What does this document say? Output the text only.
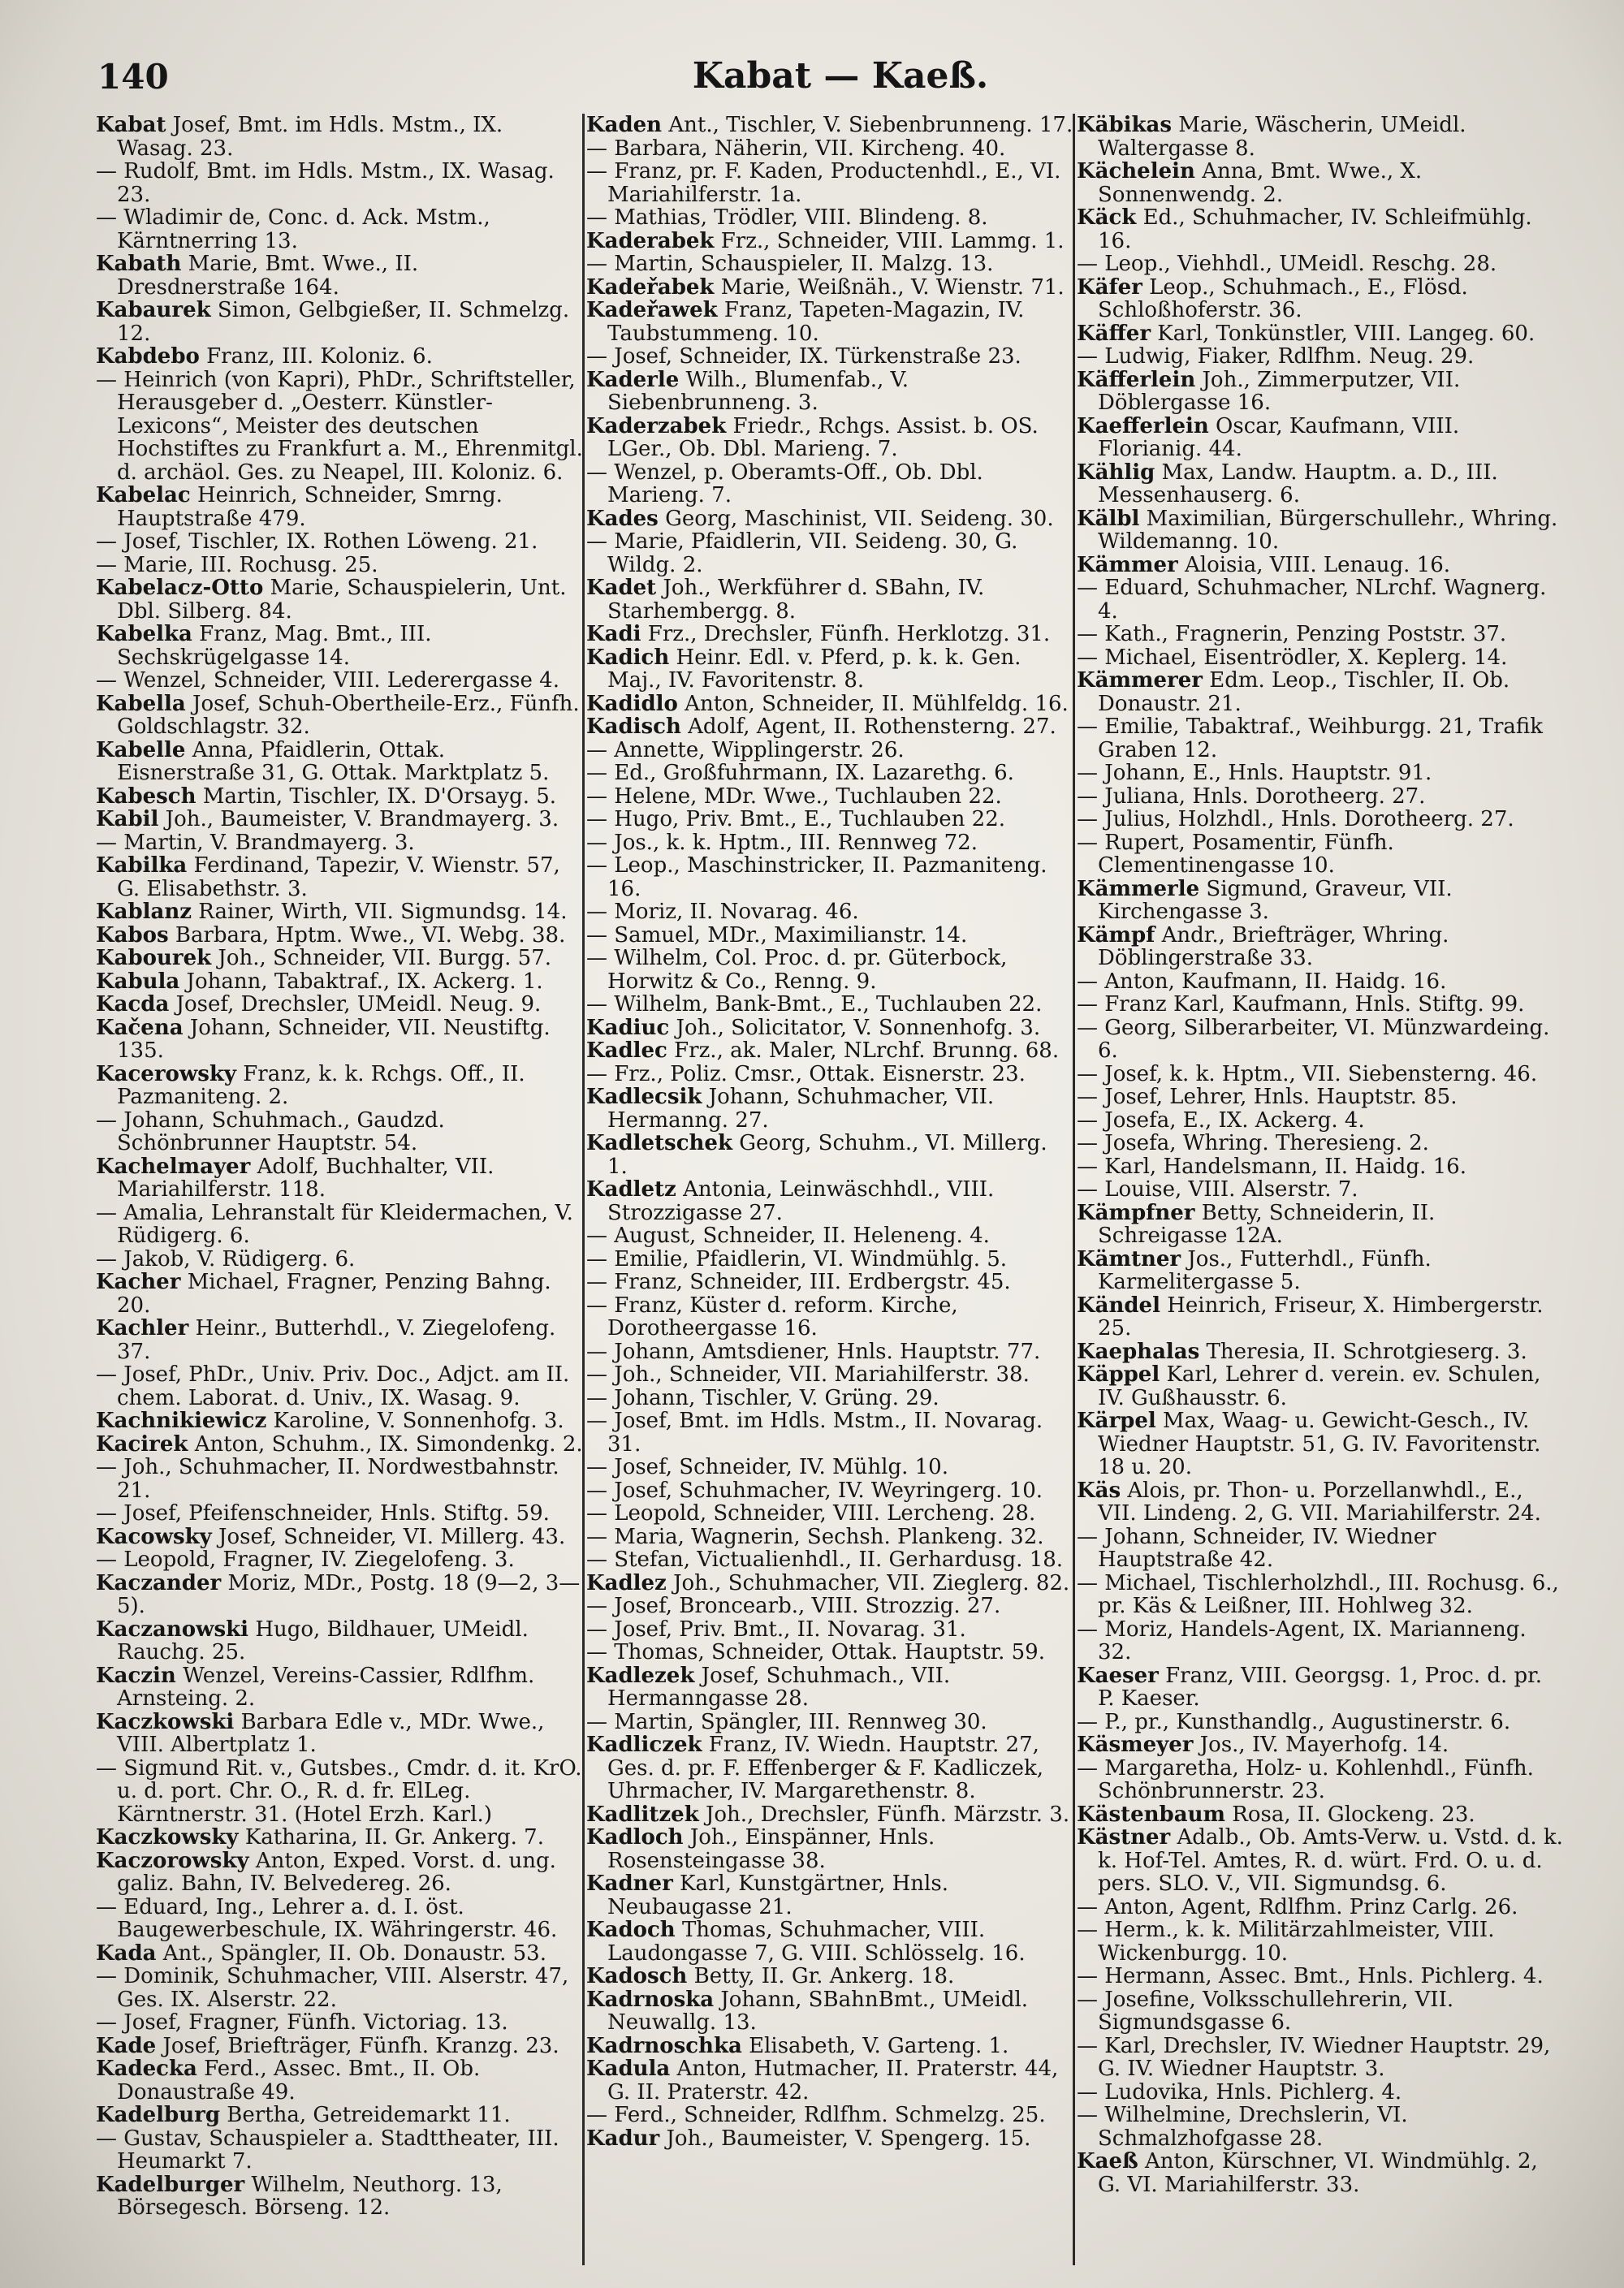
140	Kabat — Kaeß.
Kabat Josef, Bmt. im Hdls. Mstm., IX. Wasag. 23.
— Rudolf, Bmt. im Hdls. Mstm., IX. Wasag. 23.
— Wladimir de, Conc. d. Ack. Mstm., Kärntnerring 13.
Kabath Marie, Bmt. Wwe., II. Dresdnerstraße 164.
Kabaurek Simon, Gelbgießer, II. Schmelzg. 12.
Kabdebo Franz, III. Koloniz. 6.
— Heinrich (von Kapri), PhDr., Schriftsteller, Herausgeber d. „Oesterr. Künstler-Lexicons“, Meister des deutschen Hochstiftes zu Frankfurt a. M., Ehrenmitgl. d. archäol. Ges. zu Neapel, III. Koloniz. 6.
Kabelac Heinrich, Schneider, Smrng. Hauptstraße 479.
— Josef, Tischler, IX. Rothen Löweng. 21.
— Marie, III. Rochusg. 25.
Kabelacz-Otto Marie, Schauspielerin, Unt. Dbl. Silberg. 84.
Kabelka Franz, Mag. Bmt., III. Sechskrügelgasse 14.
— Wenzel, Schneider, VIII. Lederergasse 4.
Kabella Josef, Schuh-Obertheile-Erz., Fünfh. Goldschlagstr. 32.
Kabelle Anna, Pfaidlerin, Ottak. Eisnerstraße 31, G. Ottak. Marktplatz 5.
Kabesch Martin, Tischler, IX. D'Orsayg. 5.
Kabil Joh., Baumeister, V. Brandmayerg. 3.
— Martin, V. Brandmayerg. 3.
Kabilka Ferdinand, Tapezir, V. Wienstr. 57, G. Elisabethstr. 3.
Kablanz Rainer, Wirth, VII. Sigmundsg. 14.
Kabos Barbara, Hptm. Wwe., VI. Webg. 38.
Kabourek Joh., Schneider, VII. Burgg. 57.
Kabula Johann, Tabaktraf., IX. Ackerg. 1.
Kacda Josef, Drechsler, UMeidl. Neug. 9.
Kačena Johann, Schneider, VII. Neustiftg. 135.
Kacerowsky Franz, k. k. Rchgs. Off., II. Pazmaniteng. 2.
— Johann, Schuhmach., Gaudzd. Schönbrunner Hauptstr. 54.
Kachelmayer Adolf, Buchhalter, VII. Mariahilferstr. 118.
— Amalia, Lehranstalt für Kleidermachen, V. Rüdigerg. 6.
— Jakob, V. Rüdigerg. 6.
Kacher Michael, Fragner, Penzing Bahng. 20.
Kachler Heinr., Butterhdl., V. Ziegelofeng. 37.
— Josef, PhDr., Univ. Priv. Doc., Adjct. am II. chem. Laborat. d. Univ., IX. Wasag. 9.
Kachnikiewicz Karoline, V. Sonnenhofg. 3.
Kacirek Anton, Schuhm., IX. Simondenkg. 2.
— Joh., Schuhmacher, II. Nordwestbahnstr. 21.
— Josef, Pfeifenschneider, Hnls. Stiftg. 59.
Kacowsky Josef, Schneider, VI. Millerg. 43.
— Leopold, Fragner, IV. Ziegelofeng. 3.
Kaczander Moriz, MDr., Postg. 18 (9—2, 3—5).
Kaczanowski Hugo, Bildhauer, UMeidl. Rauchg. 25.
Kaczin Wenzel, Vereins-Cassier, Rdlfhm. Arnsteing. 2.
Kaczkowski Barbara Edle v., MDr. Wwe., VIII. Albertplatz 1.
— Sigmund Rit. v., Gutsbes., Cmdr. d. it. KrO. u. d. port. Chr. O., R. d. fr. ElLeg. Kärntnerstr. 31. (Hotel Erzh. Karl.)
Kaczkowsky Katharina, II. Gr. Ankerg. 7.
Kaczorowsky Anton, Exped. Vorst. d. ung. galiz. Bahn, IV. Belvedereg. 26.
— Eduard, Ing., Lehrer a. d. I. öst. Baugewerbeschule, IX. Währingerstr. 46.
Kada Ant., Spängler, II. Ob. Donaustr. 53.
— Dominik, Schuhmacher, VIII. Alserstr. 47, Ges. IX. Alserstr. 22.
— Josef, Fragner, Fünfh. Victoriag. 13.
Kade Josef, Briefträger, Fünfh. Kranzg. 23.
Kadecka Ferd., Assec. Bmt., II. Ob. Donaustraße 49.
Kadelburg Bertha, Getreidemarkt 11.
— Gustav, Schauspieler a. Stadttheater, III. Heumarkt 7.
Kadelburger Wilhelm, Neuthorg. 13, Börsegesch. Börseng. 12.
Kaden Ant., Tischler, V. Siebenbrunneng. 17.
— Barbara, Näherin, VII. Kircheng. 40.
— Franz, pr. F. Kaden, Productenhdl., E., VI. Mariahilferstr. 1a.
— Mathias, Trödler, VIII. Blindeng. 8.
Kaderabek Frz., Schneider, VIII. Lammg. 1.
— Martin, Schauspieler, II. Malzg. 13.
Kadeřabek Marie, Weißnäh., V. Wienstr. 71.
Kadeřawek Franz, Tapeten-Magazin, IV. Taubstummeng. 10.
— Josef, Schneider, IX. Türkenstraße 23.
Kaderle Wilh., Blumenfab., V. Siebenbrunneng. 3.
Kaderzabek Friedr., Rchgs. Assist. b. OS. LGer., Ob. Dbl. Marieng. 7.
— Wenzel, p. Oberamts-Off., Ob. Dbl. Marieng. 7.
Kades Georg, Maschinist, VII. Seideng. 30.
— Marie, Pfaidlerin, VII. Seideng. 30, G. Wildg. 2.
Kadet Joh., Werkführer d. SBahn, IV. Starhembergg. 8.
Kadi Frz., Drechsler, Fünfh. Herklotzg. 31.
Kadich Heinr. Edl. v. Pferd, p. k. k. Gen. Maj., IV. Favoritenstr. 8.
Kadidlo Anton, Schneider, II. Mühlfeldg. 16.
Kadisch Adolf, Agent, II. Rothensterng. 27.
— Annette, Wipplingerstr. 26.
— Ed., Großfuhrmann, IX. Lazarethg. 6.
— Helene, MDr. Wwe., Tuchlauben 22.
— Hugo, Priv. Bmt., E., Tuchlauben 22.
— Jos., k. k. Hptm., III. Rennweg 72.
— Leop., Maschinstricker, II. Pazmaniteng. 16.
— Moriz, II. Novarag. 46.
— Samuel, MDr., Maximilianstr. 14.
— Wilhelm, Col. Proc. d. pr. Güterbock, Horwitz & Co., Renng. 9.
— Wilhelm, Bank-Bmt., E., Tuchlauben 22.
Kadiuc Joh., Solicitator, V. Sonnenhofg. 3.
Kadlec Frz., ak. Maler, NLrchf. Brunng. 68.
— Frz., Poliz. Cmsr., Ottak. Eisnerstr. 23.
Kadlecsik Johann, Schuhmacher, VII. Hermanng. 27.
Kadletschek Georg, Schuhm., VI. Millerg. 1.
Kadletz Antonia, Leinwäschhdl., VIII. Strozzigasse 27.
— August, Schneider, II. Heleneng. 4.
— Emilie, Pfaidlerin, VI. Windmühlg. 5.
— Franz, Schneider, III. Erdbergstr. 45.
— Franz, Küster d. reform. Kirche, Dorotheergasse 16.
— Johann, Amtsdiener, Hnls. Hauptstr. 77.
— Joh., Schneider, VII. Mariahilferstr. 38.
— Johann, Tischler, V. Grüng. 29.
— Josef, Bmt. im Hdls. Mstm., II. Novarag. 31.
— Josef, Schneider, IV. Mühlg. 10.
— Josef, Schuhmacher, IV. Weyringerg. 10.
— Leopold, Schneider, VIII. Lercheng. 28.
— Maria, Wagnerin, Sechsh. Plankeng. 32.
— Stefan, Victualienhdl., II. Gerhardusg. 18.
Kadlez Joh., Schuhmacher, VII. Zieglerg. 82.
— Josef, Broncearb., VIII. Strozzig. 27.
— Josef, Priv. Bmt., II. Novarag. 31.
— Thomas, Schneider, Ottak. Hauptstr. 59.
Kadlezek Josef, Schuhmach., VII. Hermanngasse 28.
— Martin, Spängler, III. Rennweg 30.
Kadliczek Franz, IV. Wiedn. Hauptstr. 27, Ges. d. pr. F. Effenberger & F. Kadliczek, Uhrmacher, IV. Margarethenstr. 8.
Kadlitzek Joh., Drechsler, Fünfh. Märzstr. 3.
Kadloch Joh., Einspänner, Hnls. Rosensteingasse 38.
Kadner Karl, Kunstgärtner, Hnls. Neubaugasse 21.
Kadoch Thomas, Schuhmacher, VIII. Laudongasse 7, G. VIII. Schlösselg. 16.
Kadosch Betty, II. Gr. Ankerg. 18.
Kadrnoska Johann, SBahnBmt., UMeidl. Neuwallg. 13.
Kadrnoschka Elisabeth, V. Garteng. 1.
Kadula Anton, Hutmacher, II. Praterstr. 44, G. II. Praterstr. 42.
— Ferd., Schneider, Rdlfhm. Schmelzg. 25.
Kadur Joh., Baumeister, V. Spengerg. 15.
Käbikas Marie, Wäscherin, UMeidl. Waltergasse 8.
Kächelein Anna, Bmt. Wwe., X. Sonnenwendg. 2.
Käck Ed., Schuhmacher, IV. Schleifmühlg. 16.
— Leop., Viehhdl., UMeidl. Reschg. 28.
Käfer Leop., Schuhmach., E., Flösd. Schloßhoferstr. 36.
Käffer Karl, Tonkünstler, VIII. Langeg. 60.
— Ludwig, Fiaker, Rdlfhm. Neug. 29.
Käfferlein Joh., Zimmerputzer, VII. Döblergasse 16.
Kaefferlein Oscar, Kaufmann, VIII. Florianig. 44.
Kählig Max, Landw. Hauptm. a. D., III. Messenhauserg. 6.
Kälbl Maximilian, Bürgerschullehr., Whring. Wildemanng. 10.
Kämmer Aloisia, VIII. Lenaug. 16.
— Eduard, Schuhmacher, NLrchf. Wagnerg. 4.
— Kath., Fragnerin, Penzing Poststr. 37.
— Michael, Eisentrödler, X. Keplerg. 14.
Kämmerer Edm. Leop., Tischler, II. Ob. Donaustr. 21.
— Emilie, Tabaktraf., Weihburgg. 21, Trafik Graben 12.
— Johann, E., Hnls. Hauptstr. 91.
— Juliana, Hnls. Dorotheerg. 27.
— Julius, Holzhdl., Hnls. Dorotheerg. 27.
— Rupert, Posamentir, Fünfh. Clementinengasse 10.
Kämmerle Sigmund, Graveur, VII. Kirchengasse 3.
Kämpf Andr., Briefträger, Whring. Döblingerstraße 33.
— Anton, Kaufmann, II. Haidg. 16.
— Franz Karl, Kaufmann, Hnls. Stiftg. 99.
— Georg, Silberarbeiter, VI. Münzwardeing. 6.
— Josef, k. k. Hptm., VII. Siebensterng. 46.
— Josef, Lehrer, Hnls. Hauptstr. 85.
— Josefa, E., IX. Ackerg. 4.
— Josefa, Whring. Theresieng. 2.
— Karl, Handelsmann, II. Haidg. 16.
— Louise, VIII. Alserstr. 7.
Kämpfner Betty, Schneiderin, II. Schreigasse 12A.
Kämtner Jos., Futterhdl., Fünfh. Karmelitergasse 5.
Kändel Heinrich, Friseur, X. Himbergerstr. 25.
Kaephalas Theresia, II. Schrotgieserg. 3.
Käppel Karl, Lehrer d. verein. ev. Schulen, IV. Gußhausstr. 6.
Kärpel Max, Waag- u. Gewicht-Gesch., IV. Wiedner Hauptstr. 51, G. IV. Favoritenstr. 18 u. 20.
Käs Alois, pr. Thon- u. Porzellanwhdl., E., VII. Lindeng. 2, G. VII. Mariahilferstr. 24.
— Johann, Schneider, IV. Wiedner Hauptstraße 42.
— Michael, Tischlerholzhdl., III. Rochusg. 6., pr. Käs & Leißner, III. Hohlweg 32.
— Moriz, Handels-Agent, IX. Marianneng. 32.
Kaeser Franz, VIII. Georgsg. 1, Proc. d. pr. P. Kaeser.
— P., pr., Kunsthandlg., Augustinerstr. 6.
Käsmeyer Jos., IV. Mayerhofg. 14.
— Margaretha, Holz- u. Kohlenhdl., Fünfh. Schönbrunnerstr. 23.
Kästenbaum Rosa, II. Glockeng. 23.
Kästner Adalb., Ob. Amts-Verw. u. Vstd. d. k. k. Hof-Tel. Amtes, R. d. würt. Frd. O. u. d. pers. SLO. V., VII. Sigmundsg. 6.
— Anton, Agent, Rdlfhm. Prinz Carlg. 26.
— Herm., k. k. Militärzahlmeister, VIII. Wickenburgg. 10.
— Hermann, Assec. Bmt., Hnls. Pichlerg. 4.
— Josefine, Volksschullehrerin, VII. Sigmundsgasse 6.
— Karl, Drechsler, IV. Wiedner Hauptstr. 29, G. IV. Wiedner Hauptstr. 3.
— Ludovika, Hnls. Pichlerg. 4.
— Wilhelmine, Drechslerin, VI. Schmalzhofgasse 28.
Kaeß Anton, Kürschner, VI. Windmühlg. 2, G. VI. Mariahilferstr. 33.
